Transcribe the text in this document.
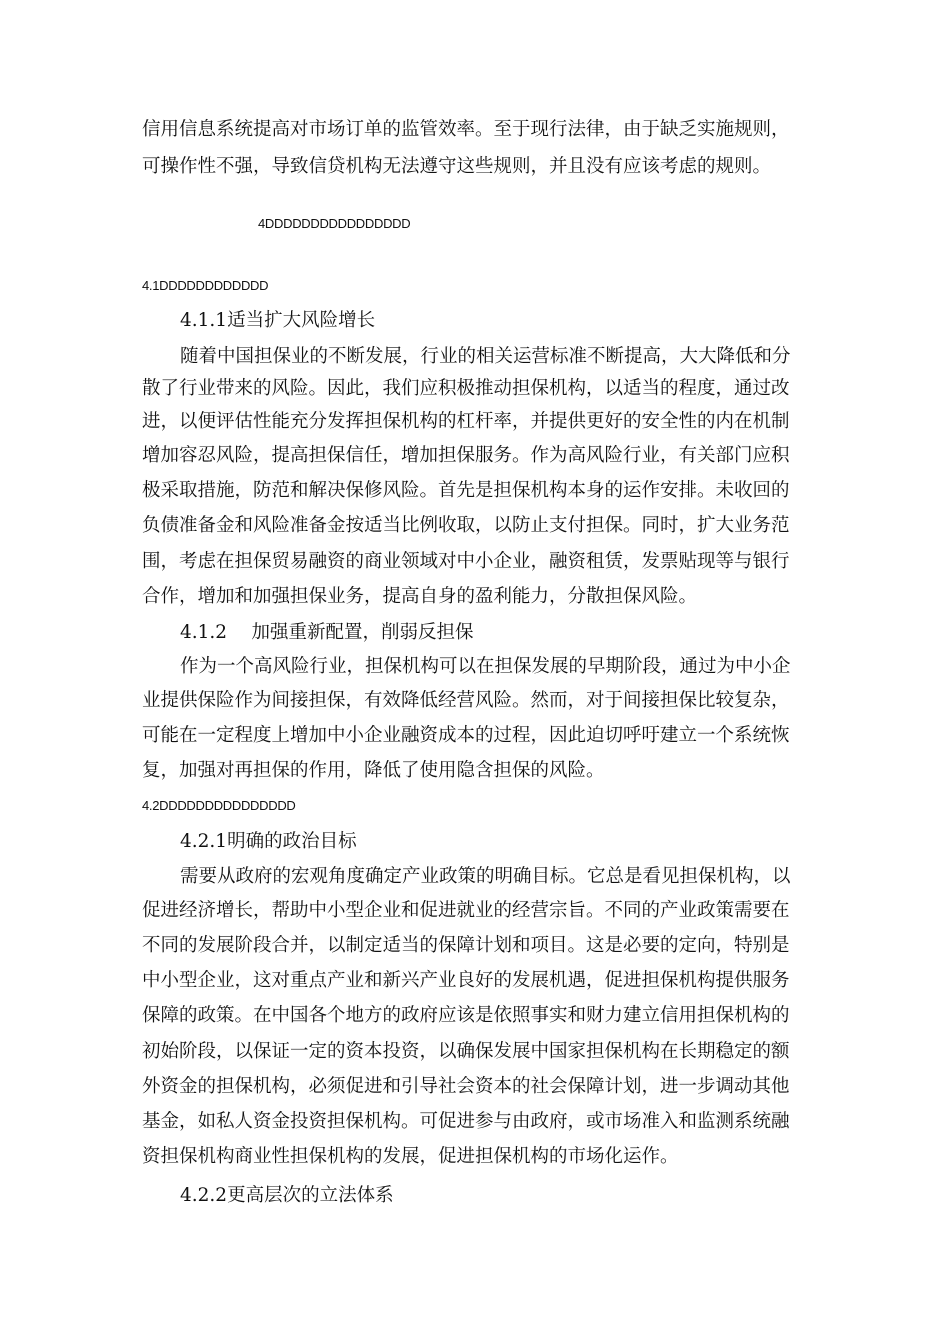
信用信息系统提高对市场订单的监管效率。至于现行法律，由于缺乏实施规则，
可操作性不强，导致信贷机构无法遵守这些规则，并且没有应该考虑的规则。
4DDDDDDDDDDDDDDDD
4.1DDDDDDDDDDDD
4.1.1适当扩大风险增长
随着中国担保业的不断发展，行业的相关运营标准不断提高，大大降低和分
散了行业带来的风险。因此，我们应积极推动担保机构，以适当的程度，通过改
进，以便评估性能充分发挥担保机构的杠杆率，并提供更好的安全性的内在机制
增加容忍风险，提高担保信任，增加担保服务。作为高风险行业，有关部门应积
极采取措施，防范和解决保修风险。首先是担保机构本身的运作安排。未收回的
负债准备金和风险准备金按适当比例收取，以防止支付担保。同时，扩大业务范
围，考虑在担保贸易融资的商业领域对中小企业，融资租赁，发票贴现等与银行
合作，增加和加强担保业务，提高自身的盈利能力，分散担保风险。
4.1.2　 加强重新配置，削弱反担保
作为一个高风险行业，担保机构可以在担保发展的早期阶段，通过为中小企
业提供保险作为间接担保，有效降低经营风险。然而，对于间接担保比较复杂，
可能在一定程度上增加中小企业融资成本的过程，因此迫切呼吁建立一个系统恢
复，加强对再担保的作用，降低了使用隐含担保的风险。
4.2DDDDDDDDDDDDDDD
4.2.1明确的政治目标
需要从政府的宏观角度确定产业政策的明确目标。它总是看见担保机构，以
促进经济增长，帮助中小型企业和促进就业的经营宗旨。不同的产业政策需要在
不同的发展阶段合并，以制定适当的保障计划和项目。这是必要的定向，特别是
中小型企业，这对重点产业和新兴产业良好的发展机遇，促进担保机构提供服务
保障的政策。在中国各个地方的政府应该是依照事实和财力建立信用担保机构的
初始阶段，以保证一定的资本投资，以确保发展中国家担保机构在长期稳定的额
外资金的担保机构，必须促进和引导社会资本的社会保障计划，进一步调动其他
基金，如私人资金投资担保机构。可促进参与由政府，或市场准入和监测系统融
资担保机构商业性担保机构的发展，促进担保机构的市场化运作。
4.2.2更高层次的立法体系
